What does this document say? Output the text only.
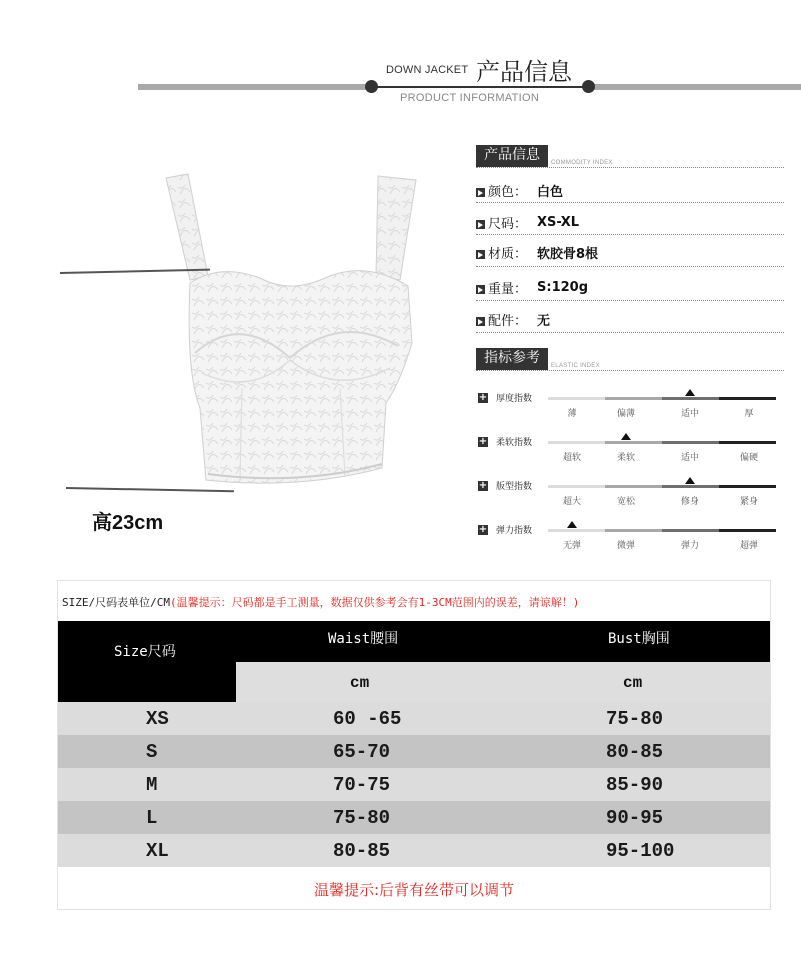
DOWN JACKET 产品信息
PRODUCT INFORMATION
高23cm
产品信息	COMMODITY INDEX
颜色： 白色
尺码： XS-XL
材质： 软胶骨8根
重量： S:120g
配件： 无
指标参考	ELASTIC INDEX
+ 厚度指数
薄	偏薄	适中	厚
+ 柔软指数
超软	柔软	适中	偏硬
+ 版型指数
超大	宽松	修身	紧身
+ 弹力指数
无弹	微弹	弹力	超弹
SIZE/尺码表单位/CM(温馨提示：尺码都是手工测量，数据仅供参考会有1-3CM范围内的误差，请谅解！)
Size尺码
Waist腰围	Bust胸围
cm	cm
XS	60 -65	75-80
S	65-70	80-85
M	70-75	85-90
L	75-80	90-95
XL	80-85	95-100
温馨提示:后背有丝带可以调节
